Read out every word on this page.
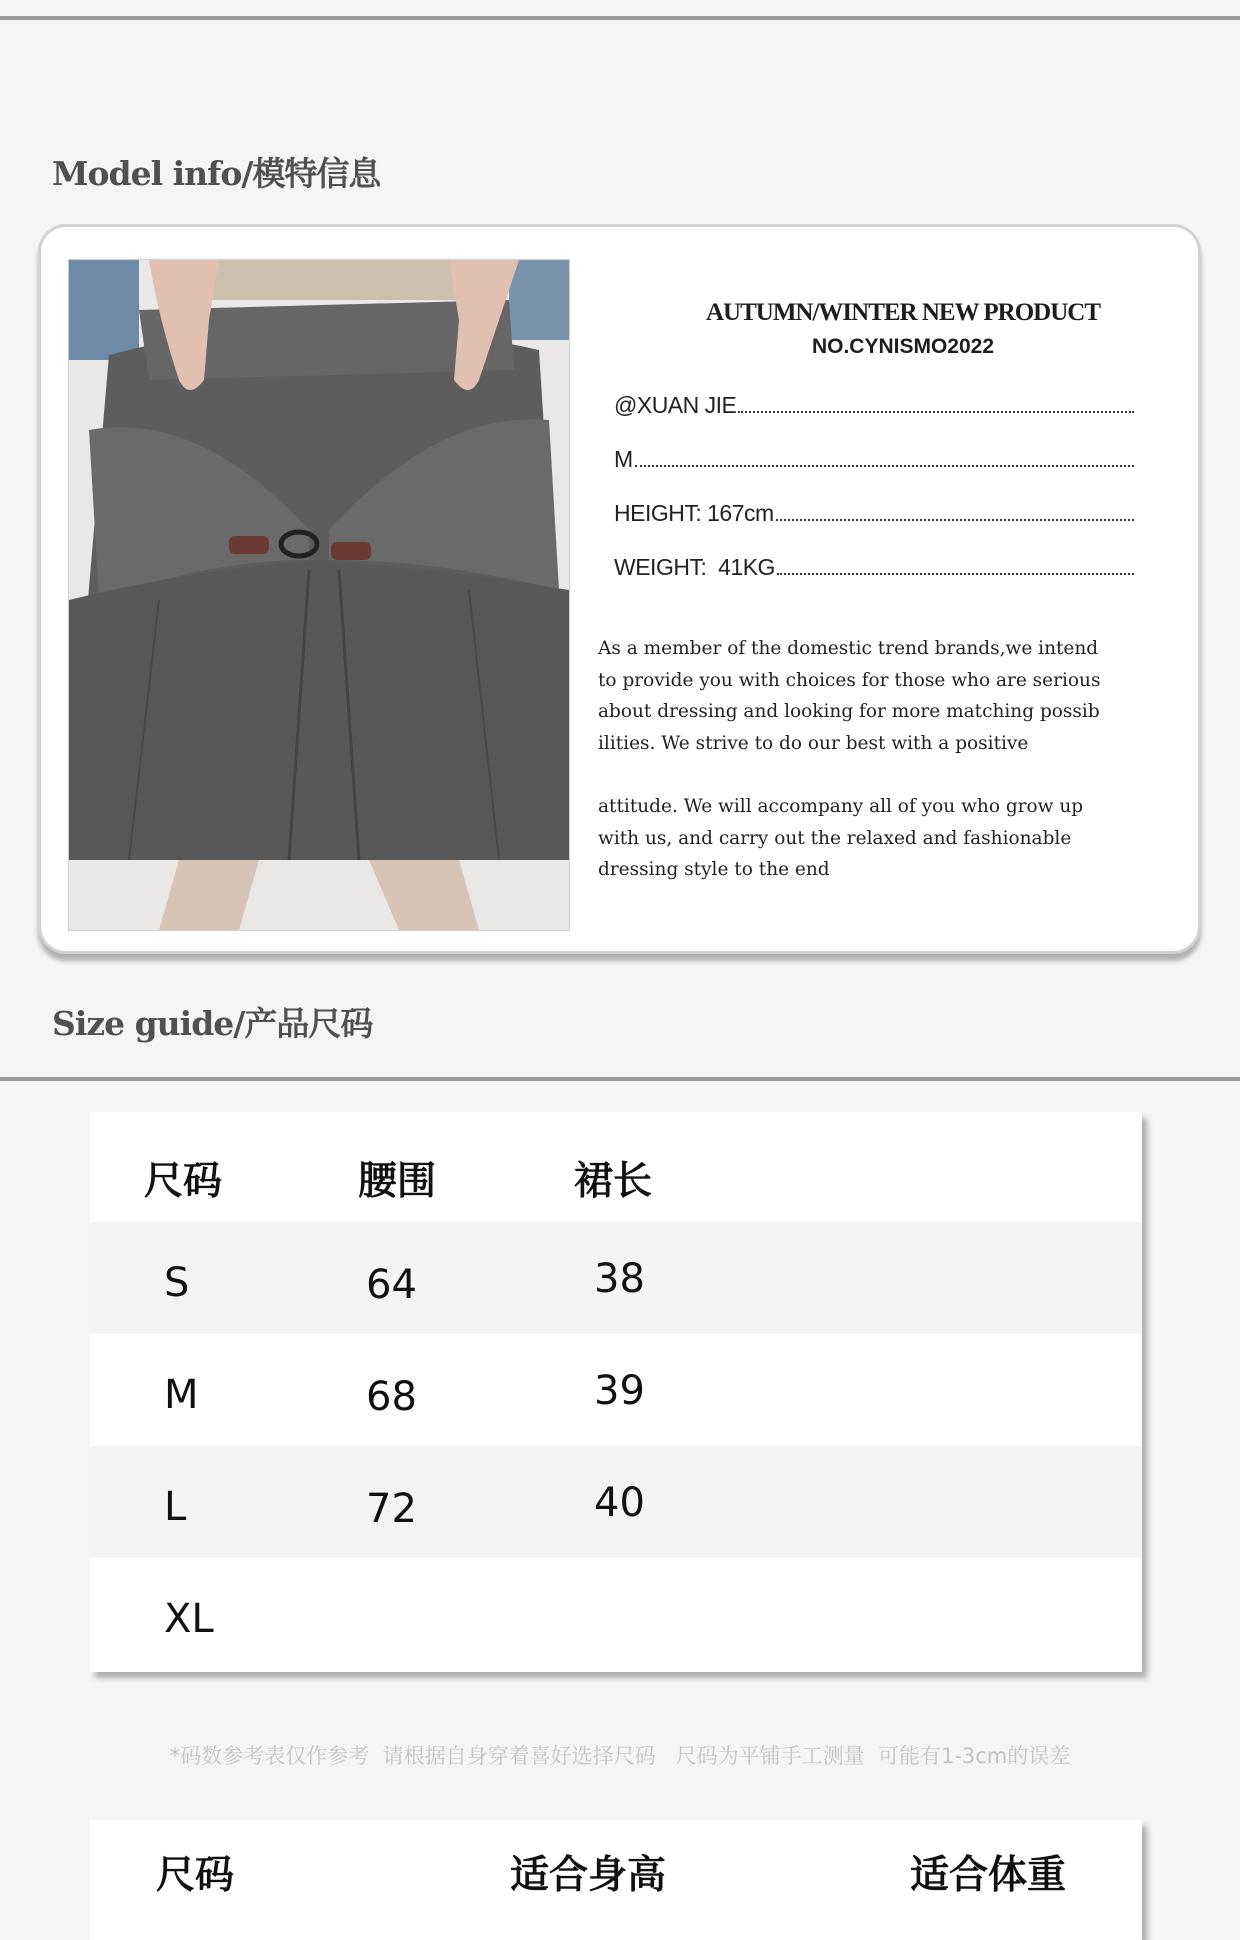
Model info/模特信息
AUTUMN/WINTER NEW PRODUCT
NO.CYNISMO2022
@XUAN JIE
M
HEIGHT: 167cm
WEIGHT:  41KG

As a member of the domestic trend brands,we intend
to provide you with choices for those who are serious
about dressing and looking for more matching possib
ilities. We strive to do our best with a positive

attitude. We will accompany all of you who grow up
with us, and carry out the relaxed and fashionable
dressing style to the end

Size guide/产品尺码
尺码	腰围	裙长
S	64	38
M	68	39
L	72	40
XL

*码数参考表仅作参考  请根据自身穿着喜好选择尺码   尺码为平铺手工测量  可能有1-3cm的误差

尺码	适合身高	适合体重
